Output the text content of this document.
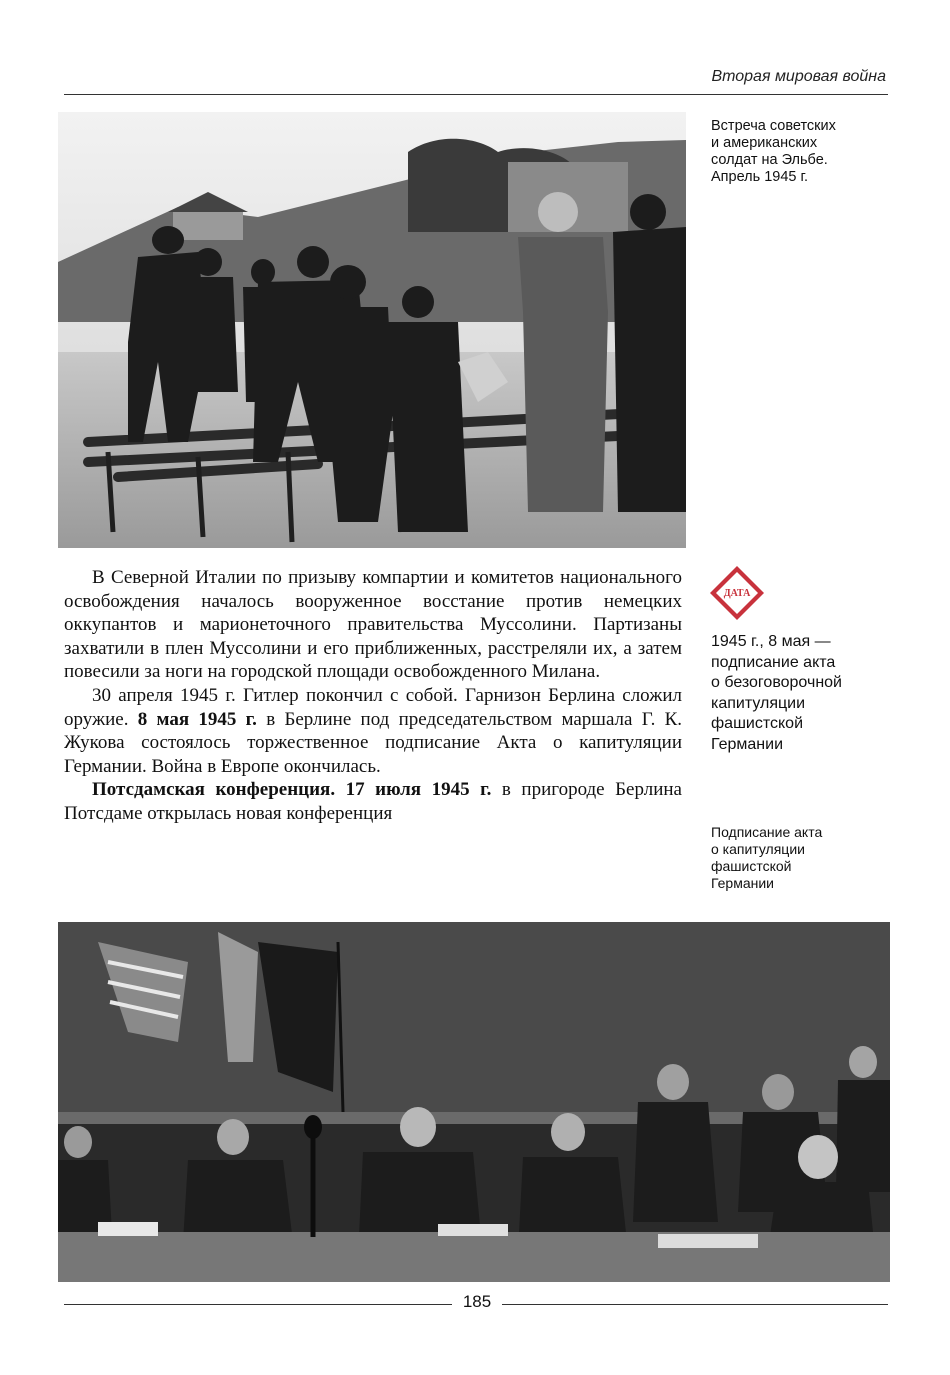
Вторая мировая война
Встреча советских
и американских
солдат на Эльбе.
Апрель 1945 г.
ДАТА
1945 г., 8 мая —
подписание акта
о безоговорочной
капитуляции
фашистской
Германии
Подписание акта
о капитуляции
фашистской
Германии

В Северной Италии по призыву компартии и комитетов национального освобождения началось вооруженное восстание против немецких оккупантов и марионеточного правительства Муссолини. Партизаны захватили в плен Муссолини и его приближенных, расстреляли их, а затем повесили за ноги на городской площади освобожденного Милана.

30 апреля 1945 г. Гитлер покончил с собой. Гарнизон Берлина сложил оружие. 8 мая 1945 г. в Берлине под председательством маршала Г. К. Жукова состоялось торжественное подписание Акта о капитуляции Германии. Война в Европе окончилась.

Потсдамская конференция. 17 июля 1945 г. в пригороде Берлина Потсдаме открылась новая конференция

185
